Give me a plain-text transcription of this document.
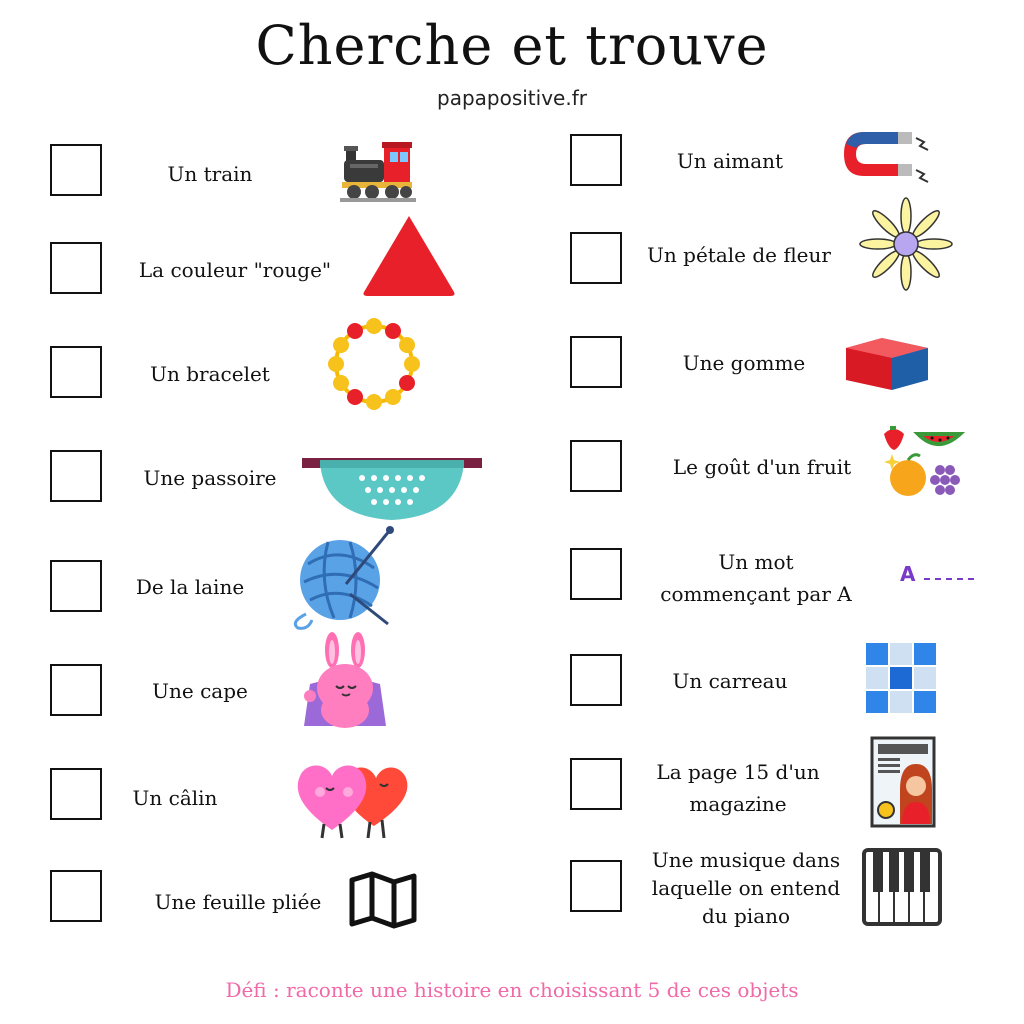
Cherche et trouve
papapositive.fr
Un train
La couleur "rouge"
Un bracelet
Une passoire
De la laine
Une cape
Un câlin
Une feuille pliée
Un aimant
Un pétale de fleur
Une gomme
Le goût d'un fruit
Un mot
commençant par A
A
Un carreau
La page 15 d'un
magazine
Une musique dans
laquelle on entend
du piano
Défi : raconte une histoire en choisissant 5 de ces objets
